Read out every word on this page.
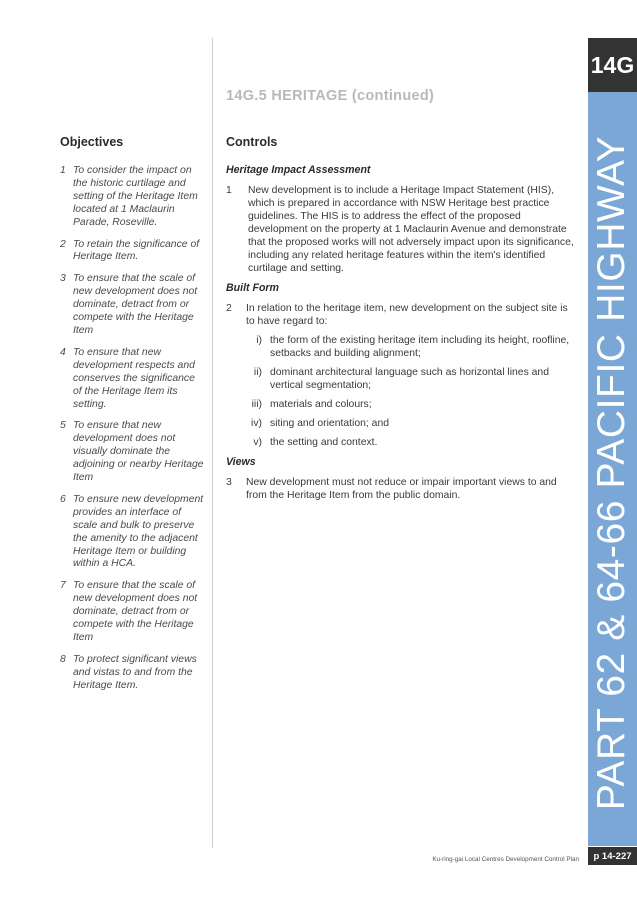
14G.5 HERITAGE (continued)
Objectives
1 To consider the impact on the historic curtilage and setting of the Heritage Item located at 1 Maclaurin Parade, Roseville.
2 To retain the significance of Heritage Item.
3 To ensure that the scale of new development does not dominate, detract from or compete with the Heritage Item
4 To ensure that new development respects and conserves the significance of the Heritage Item its setting.
5 To ensure that new development does not visually dominate the adjoining or nearby Heritage Item
6 To ensure new development provides an interface of scale and bulk to preserve the amenity to the adjacent Heritage Item or building within a HCA.
7 To ensure that the scale of new development does not dominate, detract from or compete with the Heritage Item
8 To protect significant views and vistas to and from the Heritage Item.
Controls
Heritage Impact Assessment
1 New development is to include a Heritage Impact Statement (HIS), which is prepared in accordance with NSW Heritage best practice guidelines. The HIS is to address the effect of the proposed development on the property at 1 Maclaurin Avenue and demonstrate that the proposed works will not adversely impact upon its significance, including any related heritage features within the item's identified curtilage and setting.
Built Form
2 In relation to the heritage item, new development on the subject site is to have regard to:
i) the form of the existing heritage item including its height, roofline, setbacks and building alignment;
ii) dominant architectural language such as horizontal lines and vertical segmentation;
iii) materials and colours;
iv) siting and orientation; and
v) the setting and context.
Views
3 New development must not reduce or impair important views to and from the Heritage Item from the public domain.
14G
PART 62 & 64-66 PACIFIC HIGHWAY
Ku-ring-gai Local Centres Development Control Plan	p 14-227
